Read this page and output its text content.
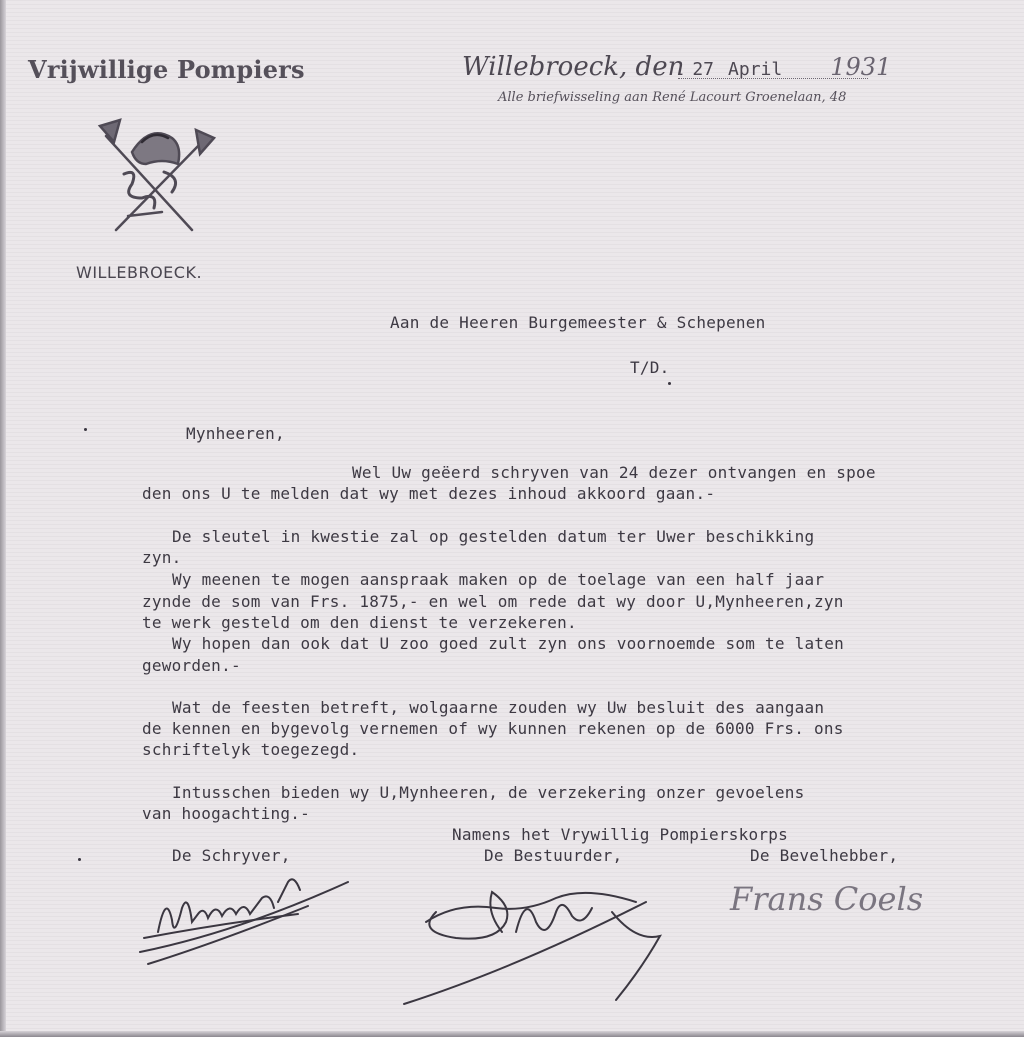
Vrijwillige Pompiers
WILLEBROECK.
Willebroeck, den 27 April 1931
Alle briefwisseling aan René Lacourt Groenelaan, 48
Aan de Heeren Burgemeester & Schepenen
T/D.
Mynheeren,
Wel Uw geëerd schryven van 24 dezer ontvangen en spoe
den ons U te melden dat wy met dezes inhoud akkoord gaan.-
De sleutel in kwestie zal op gestelden datum ter Uwer beschikking
zyn.
Wy meenen te mogen aanspraak maken op de toelage van een half jaar
zynde de som van Frs. 1875,- en wel om rede dat wy door U,Mynheeren,zyn
te werk gesteld om den dienst te verzekeren.
Wy hopen dan ook dat U zoo goed zult zyn ons voornoemde som te laten
geworden.-
Wat de feesten betreft, wolgaarne zouden wy Uw besluit des aangaan
de kennen en bygevolg vernemen of wy kunnen rekenen op de 6000 Frs. ons
schriftelyk toegezegd.
Intusschen bieden wy U,Mynheeren, de verzekering onzer gevoelens
van hoogachting.-
Namens het Vrywillig Pompierskorps
De Schryver,	De Bestuurder,	De Bevelhebber,
Frans Coels
